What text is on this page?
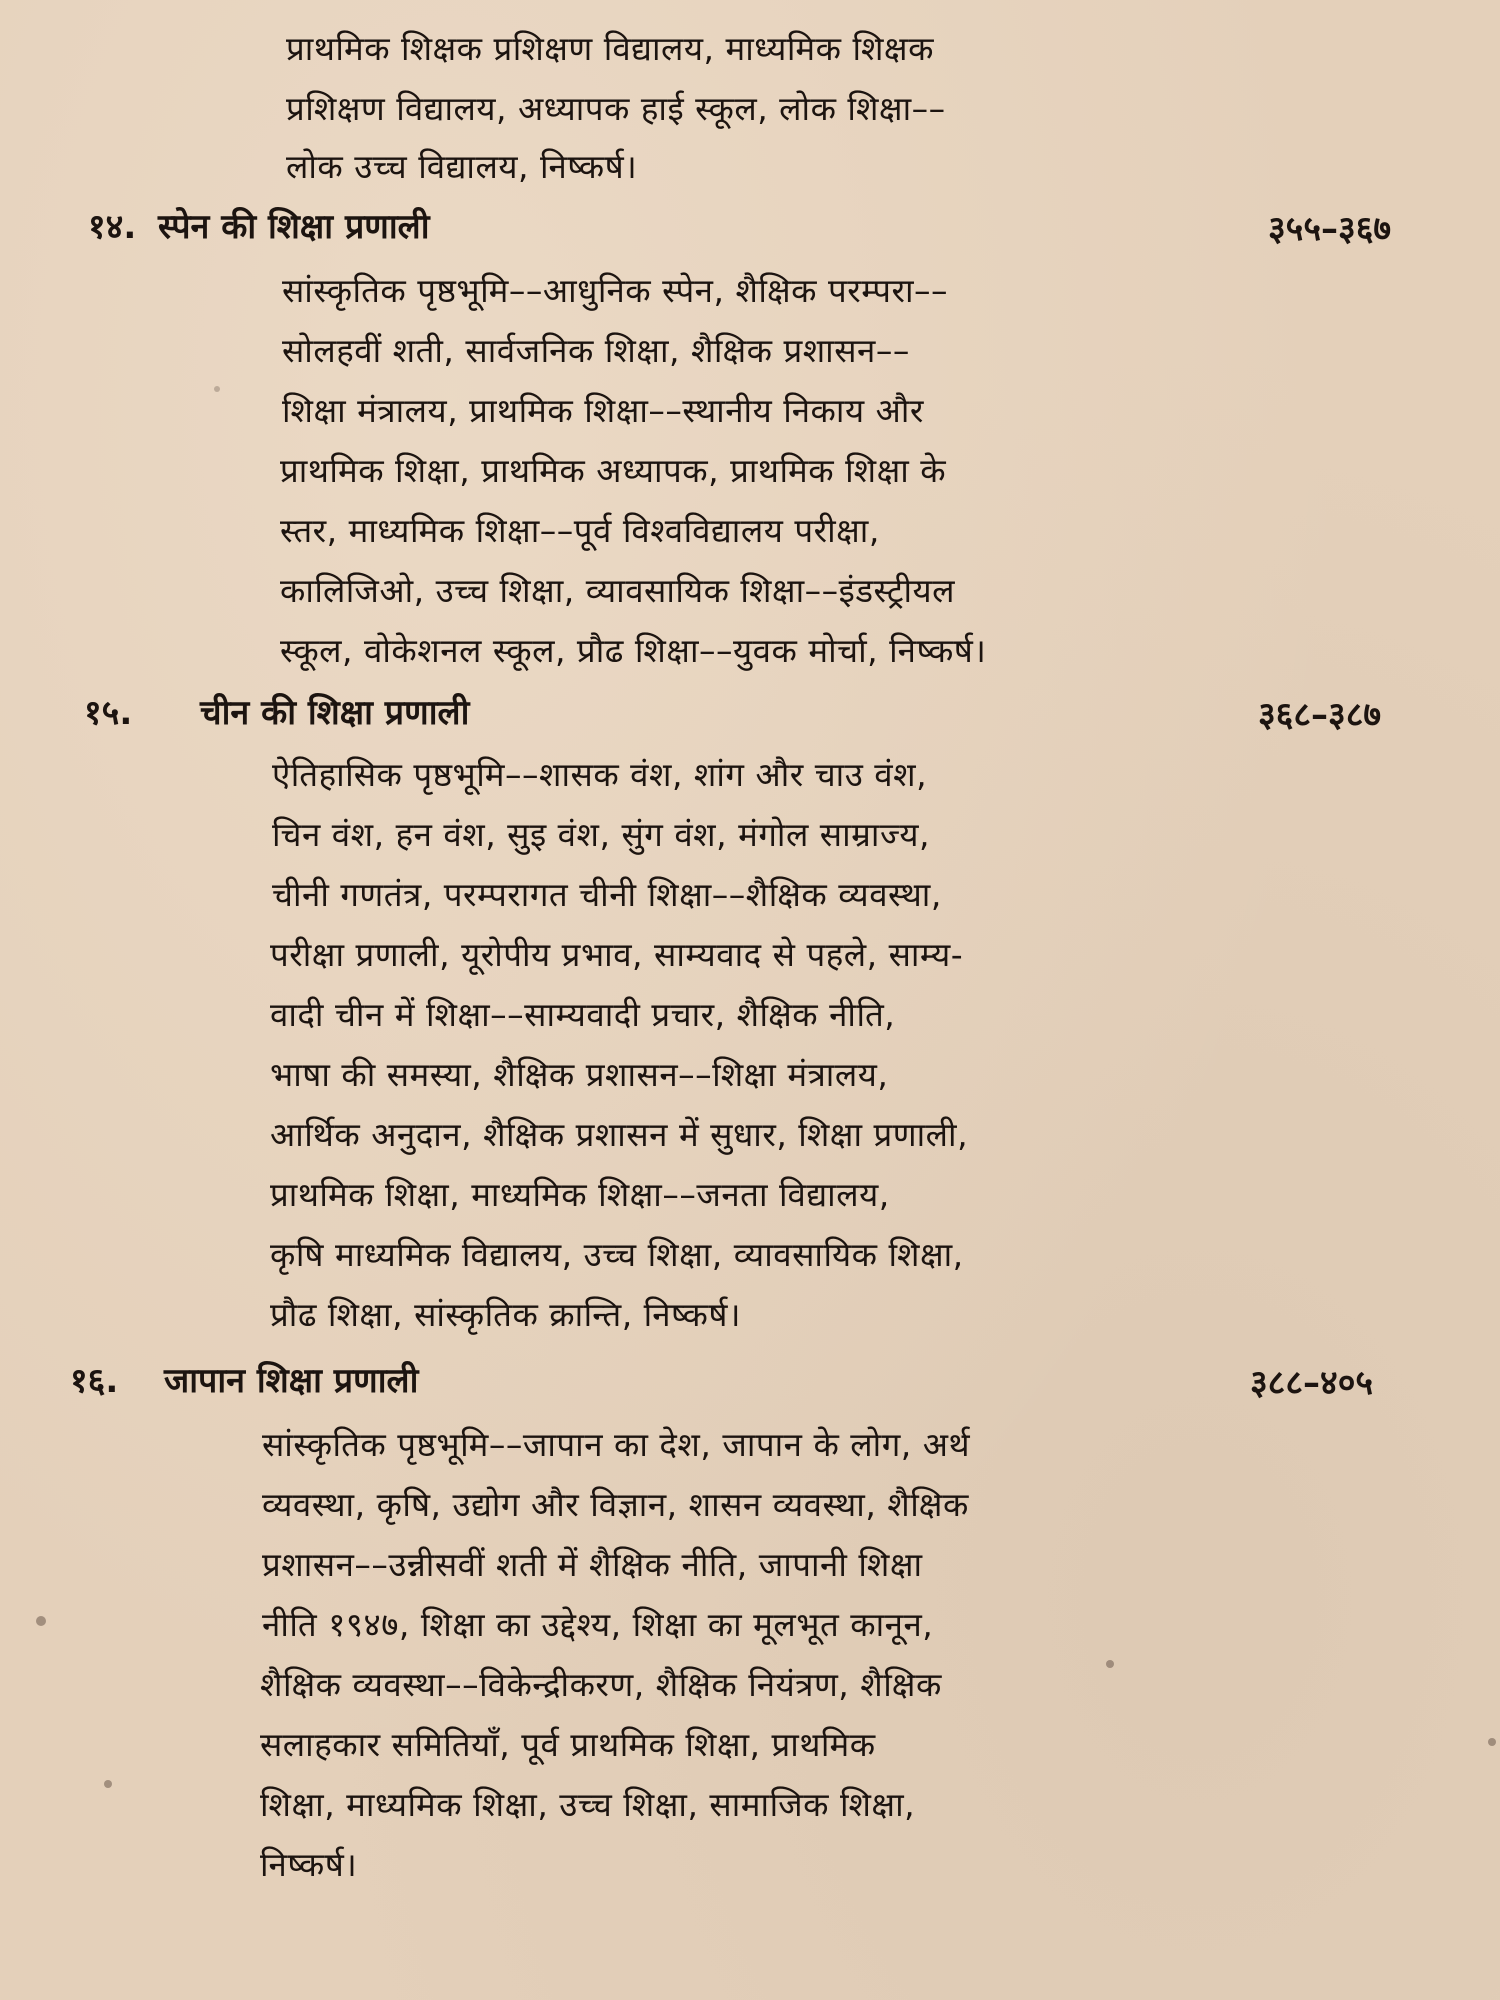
प्राथमिक शिक्षक प्रशिक्षण विद्यालय, माध्यमिक शिक्षक

प्रशिक्षण विद्यालय, अध्यापक हाई स्कूल, लोक शिक्षा––

लोक उच्च विद्यालय, निष्कर्ष।

१४. स्पेन की शिक्षा प्रणाली	३५५–३६७

सांस्कृतिक पृष्ठभूमि––आधुनिक स्पेन, शैक्षिक परम्परा––

सोलहवीं शती, सार्वजनिक शिक्षा, शैक्षिक प्रशासन––

शिक्षा मंत्रालय, प्राथमिक शिक्षा––स्थानीय निकाय और

प्राथमिक शिक्षा, प्राथमिक अध्यापक, प्राथमिक शिक्षा के

स्तर, माध्यमिक शिक्षा––पूर्व विश्वविद्यालय परीक्षा,

कालिजिओ, उच्च शिक्षा, व्यावसायिक शिक्षा––इंडस्ट्रीयल

स्कूल, वोकेशनल स्कूल, प्रौढ शिक्षा––युवक मोर्चा, निष्कर्ष।

१५. चीन की शिक्षा प्रणाली	३६८–३८७

ऐतिहासिक पृष्ठभूमि––शासक वंश, शांग और चाउ वंश,

चिन वंश, हन वंश, सुइ वंश, सुंग वंश, मंगोल साम्राज्य,

चीनी गणतंत्र, परम्परागत चीनी शिक्षा––शैक्षिक व्यवस्था,

परीक्षा प्रणाली, यूरोपीय प्रभाव, साम्यवाद से पहले, साम्य-

वादी चीन में शिक्षा––साम्यवादी प्रचार, शैक्षिक नीति,

भाषा की समस्या, शैक्षिक प्रशासन––शिक्षा मंत्रालय,

आर्थिक अनुदान, शैक्षिक प्रशासन में सुधार, शिक्षा प्रणाली,

प्राथमिक शिक्षा, माध्यमिक शिक्षा––जनता विद्यालय,

कृषि माध्यमिक विद्यालय, उच्च शिक्षा, व्यावसायिक शिक्षा,

प्रौढ शिक्षा, सांस्कृतिक क्रान्ति, निष्कर्ष।

१६. जापान शिक्षा प्रणाली	३८८–४०५

सांस्कृतिक पृष्ठभूमि––जापान का देश, जापान के लोग, अर्थ

व्यवस्था, कृषि, उद्योग और विज्ञान, शासन व्यवस्था, शैक्षिक

प्रशासन––उन्नीसवीं शती में शैक्षिक नीति, जापानी शिक्षा

नीति १९४७, शिक्षा का उद्देश्य, शिक्षा का मूलभूत कानून,

शैक्षिक व्यवस्था––विकेन्द्रीकरण, शैक्षिक नियंत्रण, शैक्षिक

सलाहकार समितियाँ, पूर्व प्राथमिक शिक्षा, प्राथमिक

शिक्षा, माध्यमिक शिक्षा, उच्च शिक्षा, सामाजिक शिक्षा,

निष्कर्ष।
